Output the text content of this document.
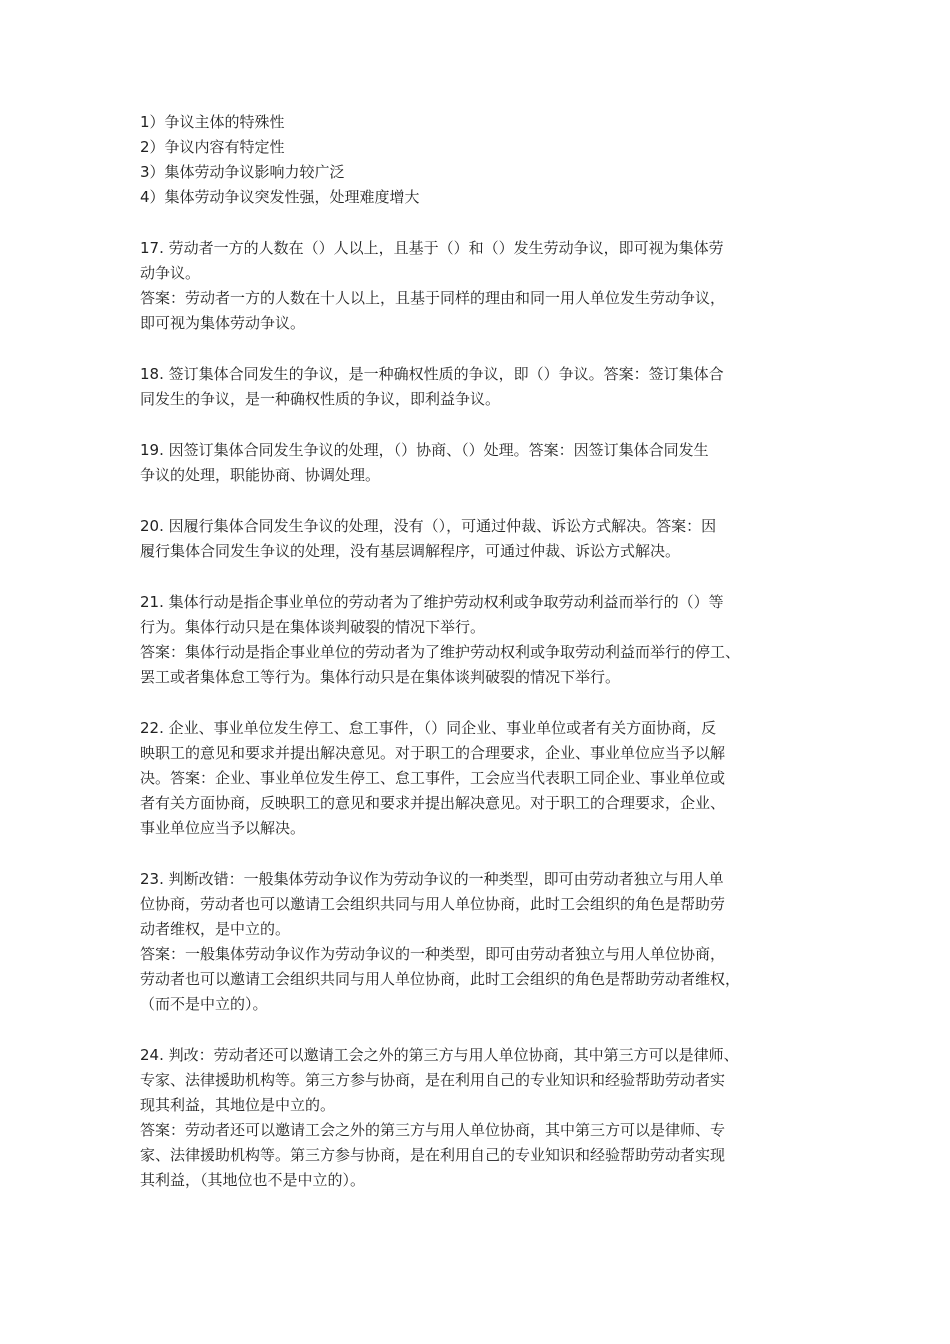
1）争议主体的特殊性
2）争议内容有特定性
3）集体劳动争议影响力较广泛
4）集体劳动争议突发性强，处理难度增大
17. 劳动者一方的人数在（）人以上，且基于（）和（）发生劳动争议，即可视为集体劳
动争议。
答案：劳动者一方的人数在十人以上，且基于同样的理由和同一用人单位发生劳动争议，
即可视为集体劳动争议。
18. 签订集体合同发生的争议，是一种确权性质的争议，即（）争议。答案：签订集体合
同发生的争议，是一种确权性质的争议，即利益争议。
19. 因签订集体合同发生争议的处理，（）协商、（）处理。答案：因签订集体合同发生
争议的处理，职能协商、协调处理。
20. 因履行集体合同发生争议的处理，没有（），可通过仲裁、诉讼方式解决。答案：因
履行集体合同发生争议的处理，没有基层调解程序，可通过仲裁、诉讼方式解决。
21. 集体行动是指企事业单位的劳动者为了维护劳动权利或争取劳动利益而举行的（）等
行为。集体行动只是在集体谈判破裂的情况下举行。
答案：集体行动是指企事业单位的劳动者为了维护劳动权利或争取劳动利益而举行的停工、
罢工或者集体怠工等行为。集体行动只是在集体谈判破裂的情况下举行。
22. 企业、事业单位发生停工、怠工事件，（）同企业、事业单位或者有关方面协商，反
映职工的意见和要求并提出解决意见。对于职工的合理要求，企业、事业单位应当予以解
决。答案：企业、事业单位发生停工、怠工事件，工会应当代表职工同企业、事业单位或
者有关方面协商，反映职工的意见和要求并提出解决意见。对于职工的合理要求，企业、
事业单位应当予以解决。
23. 判断改错：一般集体劳动争议作为劳动争议的一种类型，即可由劳动者独立与用人单
位协商，劳动者也可以邀请工会组织共同与用人单位协商，此时工会组织的角色是帮助劳
动者维权，是中立的。
答案：一般集体劳动争议作为劳动争议的一种类型，即可由劳动者独立与用人单位协商，
劳动者也可以邀请工会组织共同与用人单位协商，此时工会组织的角色是帮助劳动者维权，
（而不是中立的）。
24. 判改：劳动者还可以邀请工会之外的第三方与用人单位协商，其中第三方可以是律师、
专家、法律援助机构等。第三方参与协商，是在利用自己的专业知识和经验帮助劳动者实
现其利益，其地位是中立的。
答案：劳动者还可以邀请工会之外的第三方与用人单位协商，其中第三方可以是律师、专
家、法律援助机构等。第三方参与协商，是在利用自己的专业知识和经验帮助劳动者实现
其利益，（其地位也不是中立的）。
